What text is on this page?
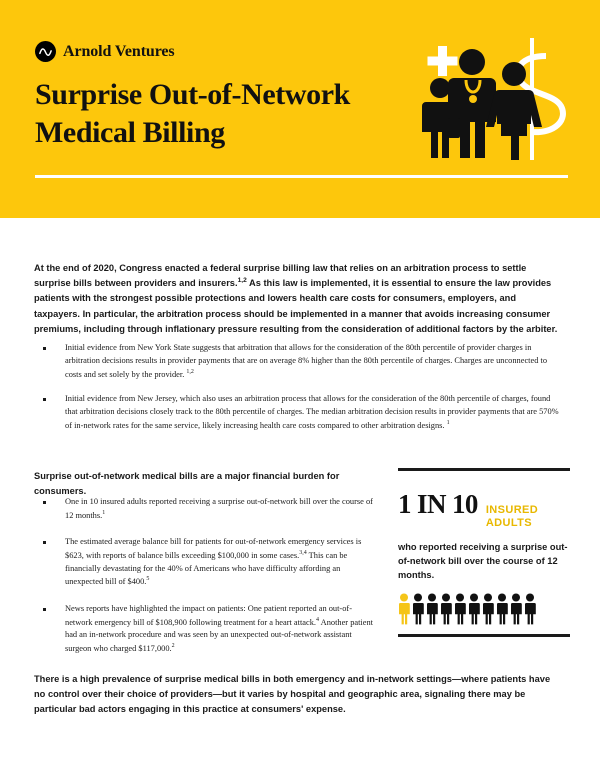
Arnold Ventures
Surprise Out-of-Network
Medical Billing

At the end of 2020, Congress enacted a federal surprise billing law that relies on an arbitration process to settle surprise bills between providers and insurers.$^{1,2}$ As this law is implemented, it is essential to ensure the law provides patients with the strongest possible protections and lowers health care costs for consumers, employers, and taxpayers. In particular, the arbitration process should be implemented in a manner that avoids increasing consumer premiums, including through inflationary pressure resulting from the consideration of additional factors by the arbiter.

Initial evidence from New York State suggests that arbitration that allows for the consideration of the 80th percentile of provider charges in arbitration decisions results in provider payments that are on average 8% higher than the 80th percentile of charges. Charges are unconnected to costs and set solely by the provider. $^{1,2}$
Initial evidence from New Jersey, which also uses an arbitration process that allows for the consideration of the 80th percentile of charges, found that arbitration decisions closely track to the 80th percentile of charges. The median arbitration decision results in provider payments that are 570% of in-network rates for the same service, likely increasing health care costs compared to other arbitration designs. $^1$
Surprise out-of-network medical bills are a major financial burden for consumers.
One in 10 insured adults reported receiving a surprise out-of-network bill over the course of 12 months.$^1$
The estimated average balance bill for patients for out-of-network emergency services is $623, with reports of balance bills exceeding $100,000 in some cases.$^{3,4}$ This can be financially devastating for the 40% of Americans who have difficulty affording an unexpected bill of $400.$^5$
News reports have highlighted the impact on patients: One patient reported an out-of-network emergency bill of $108,900 following treatment for a heart attack.$^4$ Another patient had an in-network procedure and was seen by an unexpected out-of-network assistant surgeon who charged $117,000.$^2$
1 IN 10 INSURED
ADULTS
who reported receiving a surprise out-of-network bill over the course of 12 months.

There is a high prevalence of surprise medical bills in both emergency and in-network settings—where patients have no control over their choice of providers—but it varies by hospital and geographic area, signaling there may be particular bad actors engaging in this practice at consumers' expense.
